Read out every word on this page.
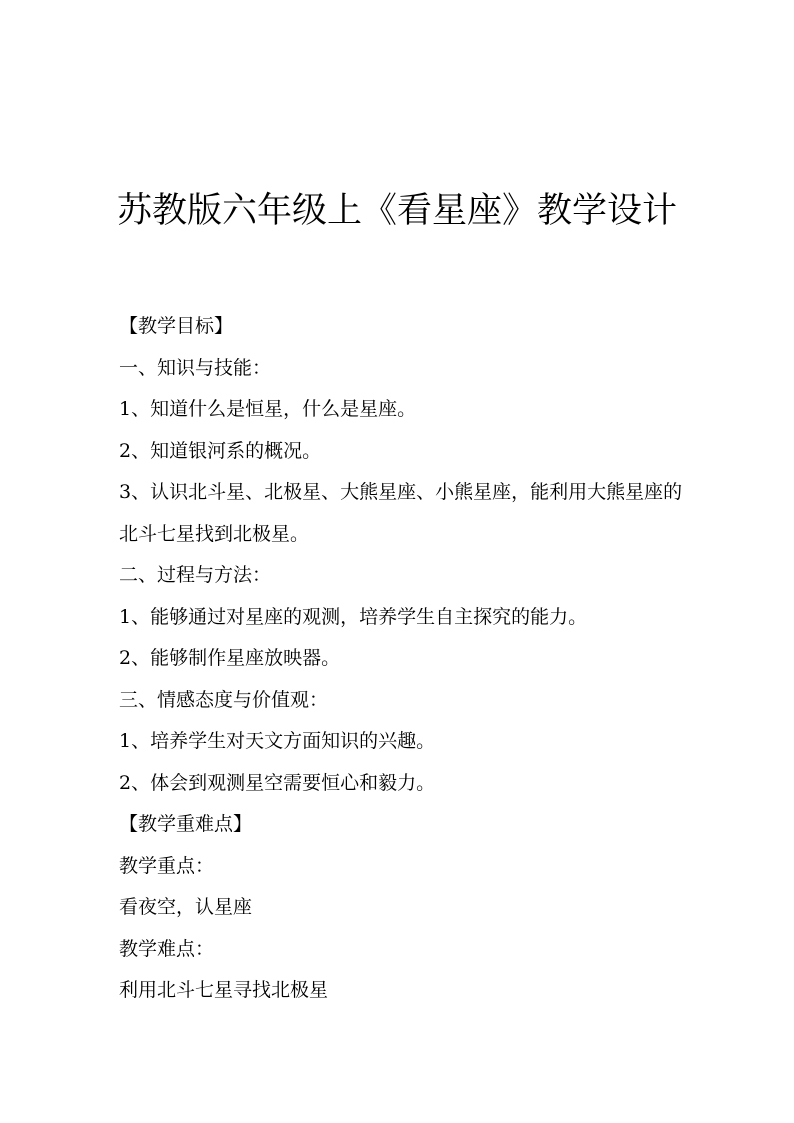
苏教版六年级上《看星座》教学设计

【教学目标】

一、知识与技能：

1、知道什么是恒星，什么是星座。

2、知道银河系的概况。

3、认识北斗星、北极星、大熊星座、小熊星座，能利用大熊星座的

北斗七星找到北极星。

二、过程与方法：

1、能够通过对星座的观测，培养学生自主探究的能力。

2、能够制作星座放映器。

三、情感态度与价值观：

1、培养学生对天文方面知识的兴趣。

2、体会到观测星空需要恒心和毅力。

【教学重难点】

教学重点：

看夜空，认星座

教学难点：

利用北斗七星寻找北极星
